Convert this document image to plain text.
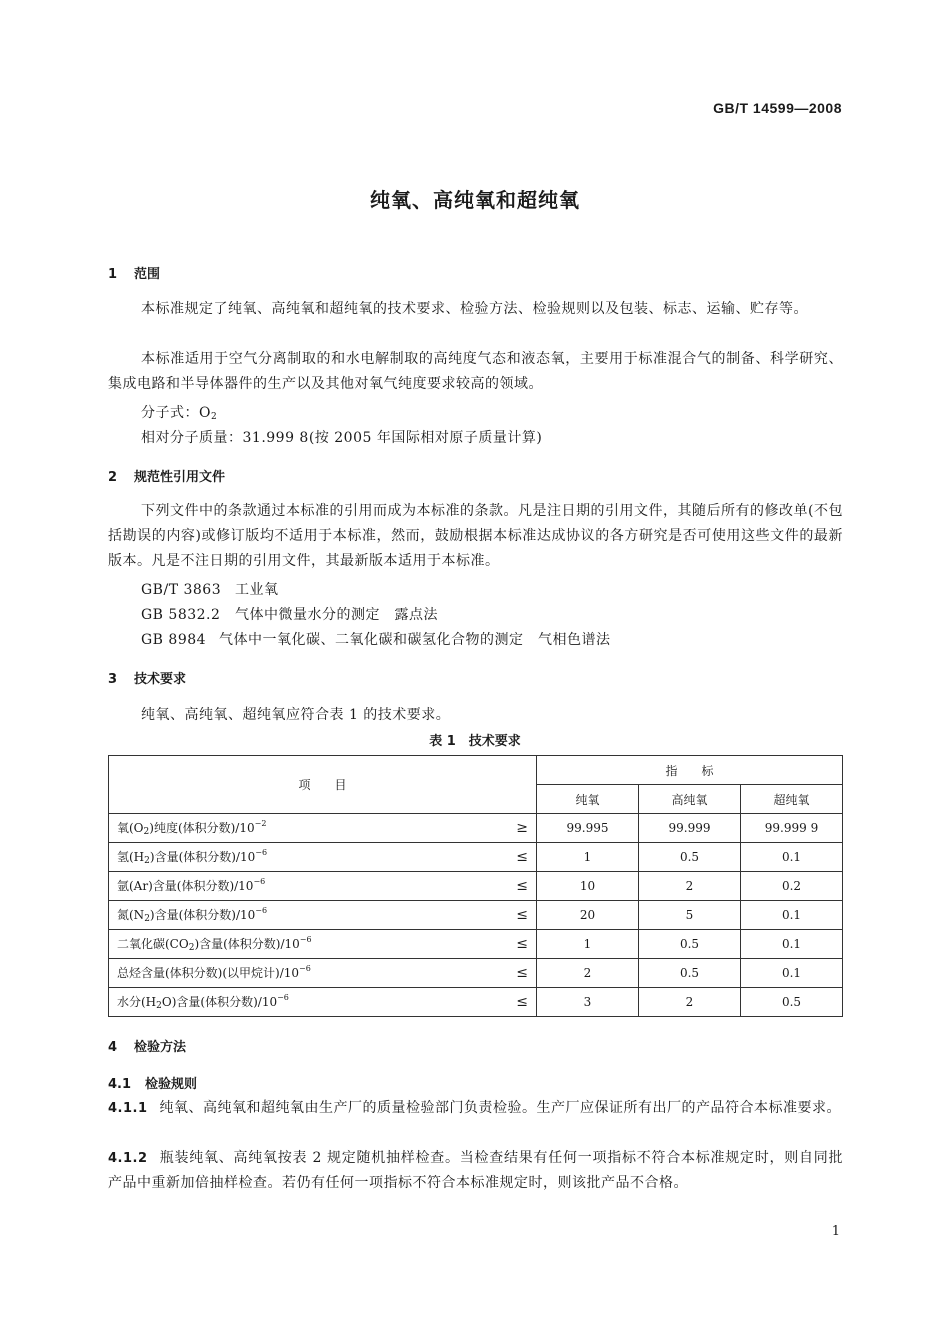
GB/T 14599—2008
纯氧、高纯氧和超纯氧
1 范围
本标准规定了纯氧、高纯氧和超纯氧的技术要求、检验方法、检验规则以及包装、标志、运输、贮存等。
本标准适用于空气分离制取的和水电解制取的高纯度气态和液态氧，主要用于标准混合气的制备、科学研究、集成电路和半导体器件的生产以及其他对氧气纯度要求较高的领域。
分子式：$O_2$
相对分子质量：31.999 8(按 2005 年国际相对原子质量计算)
2 规范性引用文件
下列文件中的条款通过本标准的引用而成为本标准的条款。凡是注日期的引用文件，其随后所有的修改单(不包括勘误的内容)或修订版均不适用于本标准，然而，鼓励根据本标准达成协议的各方研究是否可使用这些文件的最新版本。凡是不注日期的引用文件，其最新版本适用于本标准。
GB/T 3863 工业氧
GB 5832.2 气体中微量水分的测定　露点法
GB 8984 气体中一氧化碳、二氧化碳和碳氢化合物的测定　气相色谱法
3 技术要求
纯氧、高纯氧、超纯氧应符合表 1 的技术要求。
表 1　技术要求
项　　目		指　　标		
		纯氧	高纯氧	超纯氧
氧$(O_2)$纯度(体积分数)$/10^{-2}$	≥	99.995	99.999	99.999 9
氢$(H_2)$含量(体积分数)$/10^{-6}$	≤	1	0.5	0.1
氩(Ar)含量(体积分数)$/10^{-6}$	≤	10	2	0.2
氮$(N_2)$含量(体积分数)$/10^{-6}$	≤	20	5	0.1
二氧化碳$(CO_2)$含量(体积分数)$/10^{-6}$	≤	1	0.5	0.1
总烃含量(体积分数)(以甲烷计)$/10^{-6}$	≤	2	0.5	0.1
水分$(H_2O)$含量(体积分数)$/10^{-6}$	≤	3	2	0.5
4 检验方法
4.1 检验规则
4.1.1 纯氧、高纯氧和超纯氧由生产厂的质量检验部门负责检验。生产厂应保证所有出厂的产品符合本标准要求。
4.1.2 瓶装纯氧、高纯氧按表 2 规定随机抽样检查。当检查结果有任何一项指标不符合本标准规定时，则自同批产品中重新加倍抽样检查。若仍有任何一项指标不符合本标准规定时，则该批产品不合格。
1
